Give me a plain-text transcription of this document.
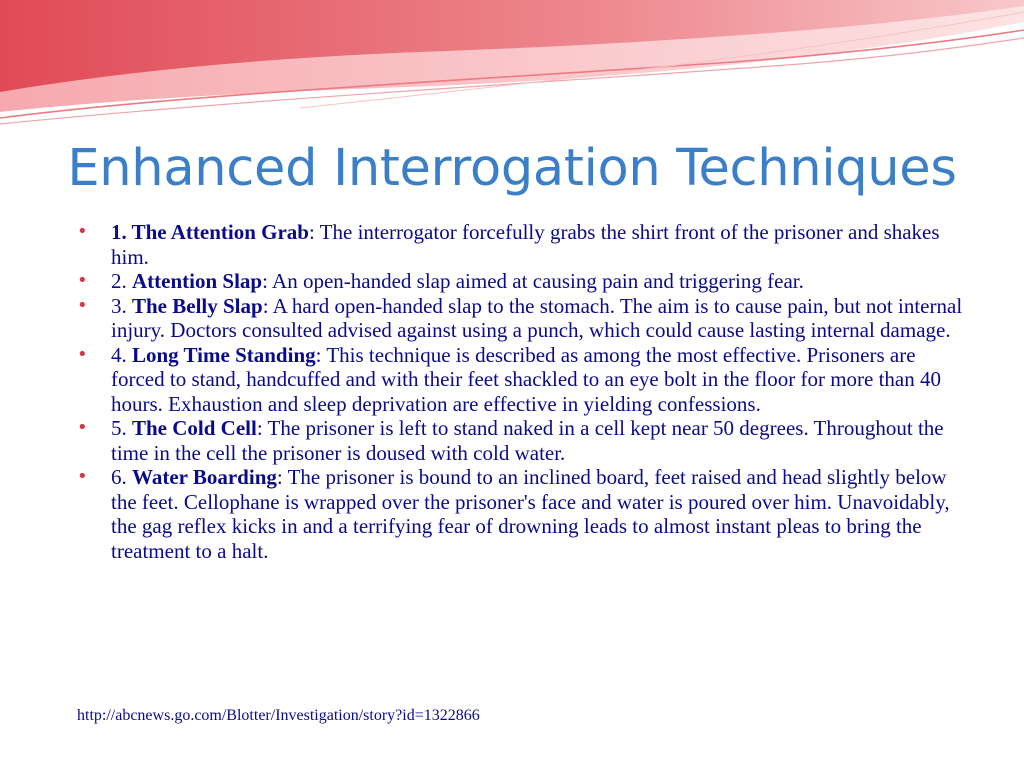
Enhanced Interrogation Techniques
• 1. The Attention Grab: The interrogator forcefully grabs the shirt front of the prisoner and shakes him.
• 2. Attention Slap: An open-handed slap aimed at causing pain and triggering fear.
• 3. The Belly Slap: A hard open-handed slap to the stomach. The aim is to cause pain, but not internal injury. Doctors consulted advised against using a punch, which could cause lasting internal damage.
• 4. Long Time Standing: This technique is described as among the most effective. Prisoners are forced to stand, handcuffed and with their feet shackled to an eye bolt in the floor for more than 40 hours. Exhaustion and sleep deprivation are effective in yielding confessions.
• 5. The Cold Cell: The prisoner is left to stand naked in a cell kept near 50 degrees. Throughout the time in the cell the prisoner is doused with cold water.
• 6. Water Boarding: The prisoner is bound to an inclined board, feet raised and head slightly below the feet. Cellophane is wrapped over the prisoner's face and water is poured over him. Unavoidably, the gag reflex kicks in and a terrifying fear of drowning leads to almost instant pleas to bring the treatment to a halt.
http://abcnews.go.com/Blotter/Investigation/story?id=1322866
